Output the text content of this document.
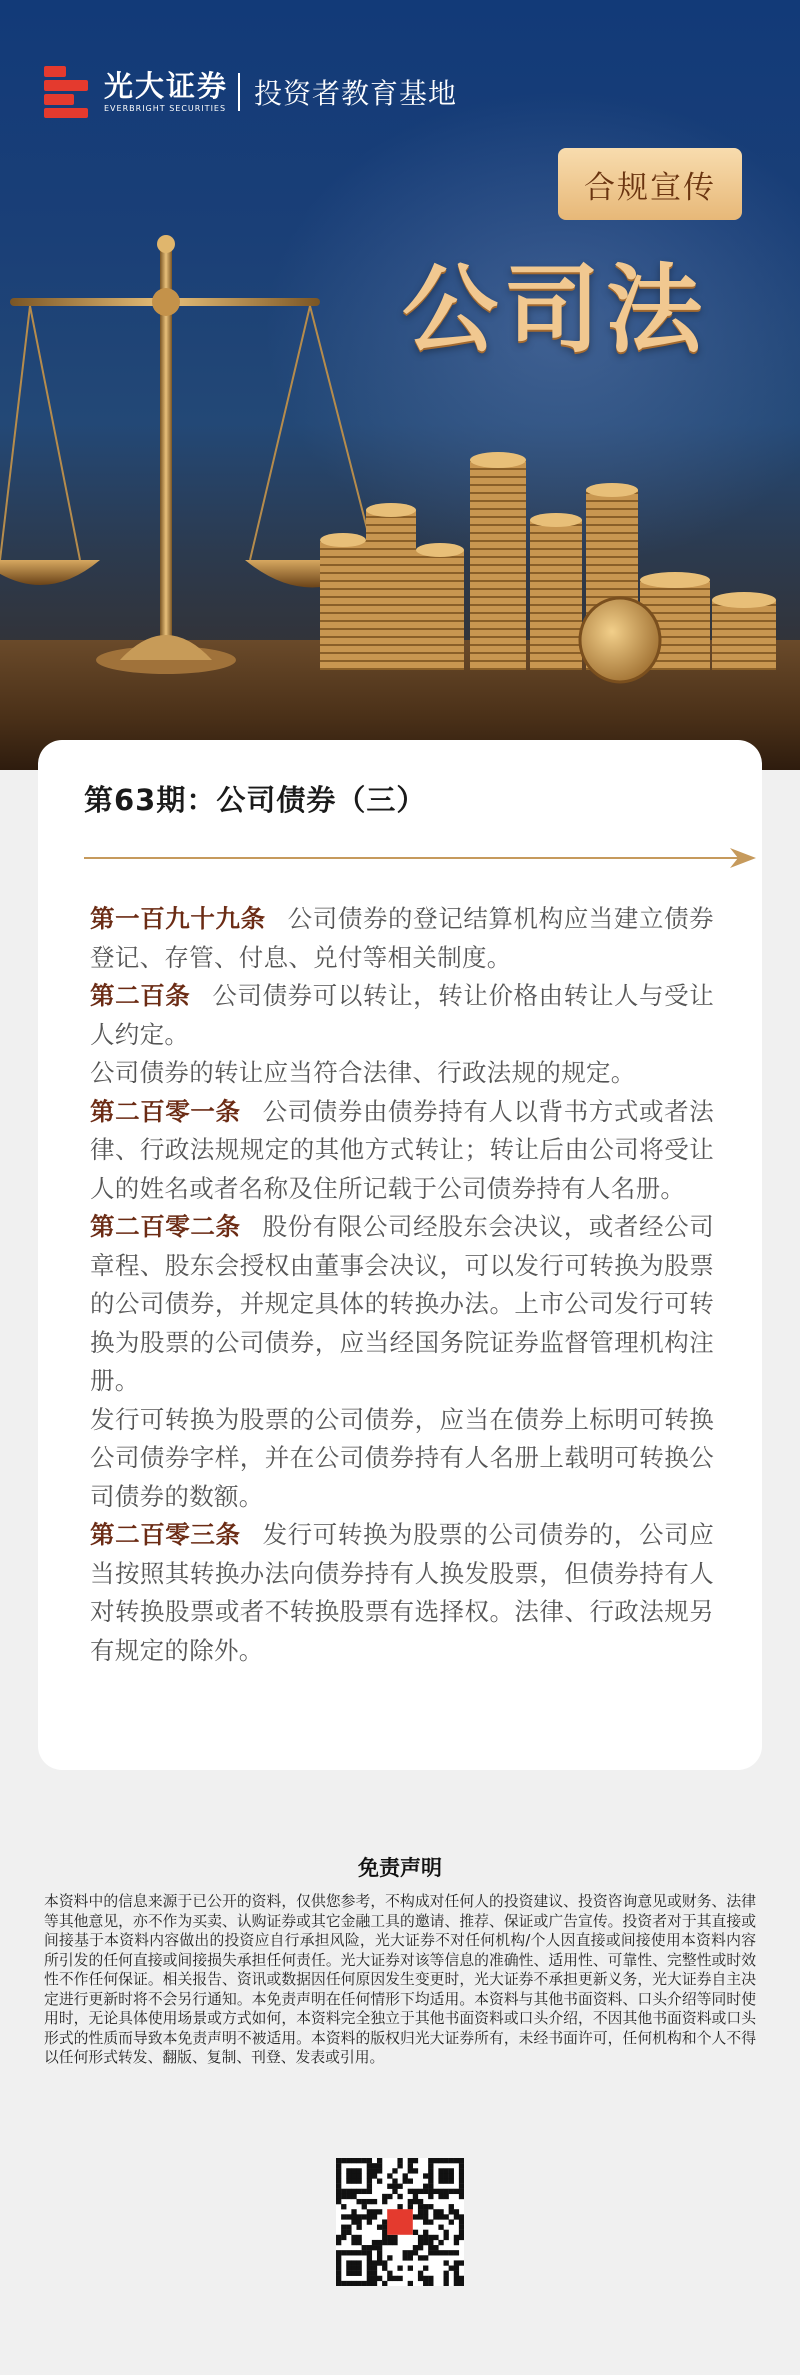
光大证券
EVERBRIGHT SECURITIES 投资者教育基地
合规宣传
公司法
第63期：公司债券（三）

第一百九十九条 公司债券的登记结算机构应当建立债券登记、存管、付息、兑付等相关制度。

第二百条 公司债券可以转让，转让价格由转让人与受让人约定。

公司债券的转让应当符合法律、行政法规的规定。

第二百零一条 公司债券由债券持有人以背书方式或者法律、行政法规规定的其他方式转让；转让后由公司将受让人的姓名或者名称及住所记载于公司债券持有人名册。

第二百零二条 股份有限公司经股东会决议，或者经公司章程、股东会授权由董事会决议，可以发行可转换为股票的公司债券，并规定具体的转换办法。上市公司发行可转换为股票的公司债券，应当经国务院证券监督管理机构注册。

发行可转换为股票的公司债券，应当在债券上标明可转换公司债券字样，并在公司债券持有人名册上载明可转换公司债券的数额。

第二百零三条 发行可转换为股票的公司债券的，公司应当按照其转换办法向债券持有人换发股票，但债券持有人对转换股票或者不转换股票有选择权。法律、行政法规另有规定的除外。

免责声明

本资料中的信息来源于已公开的资料，仅供您参考，不构成对任何人的投资建议、投资咨询意见或财务、法律等其他意见，亦不作为买卖、认购证券或其它金融工具的邀请、推荐、保证或广告宣传。投资者对于其直接或间接基于本资料内容做出的投资应自行承担风险，光大证券不对任何机构/个人因直接或间接使用本资料内容所引发的任何直接或间接损失承担任何责任。光大证券对该等信息的准确性、适用性、可靠性、完整性或时效性不作任何保证。相关报告、资讯或数据因任何原因发生变更时，光大证券不承担更新义务，光大证券自主决定进行更新时将不会另行通知。本免责声明在任何情形下均适用。本资料与其他书面资料、口头介绍等同时使用时，无论具体使用场景或方式如何，本资料完全独立于其他书面资料或口头介绍，不因其他书面资料或口头形式的性质而导致本免责声明不被适用。本资料的版权归光大证券所有，未经书面许可，任何机构和个人不得以任何形式转发、翻版、复制、刊登、发表或引用。
